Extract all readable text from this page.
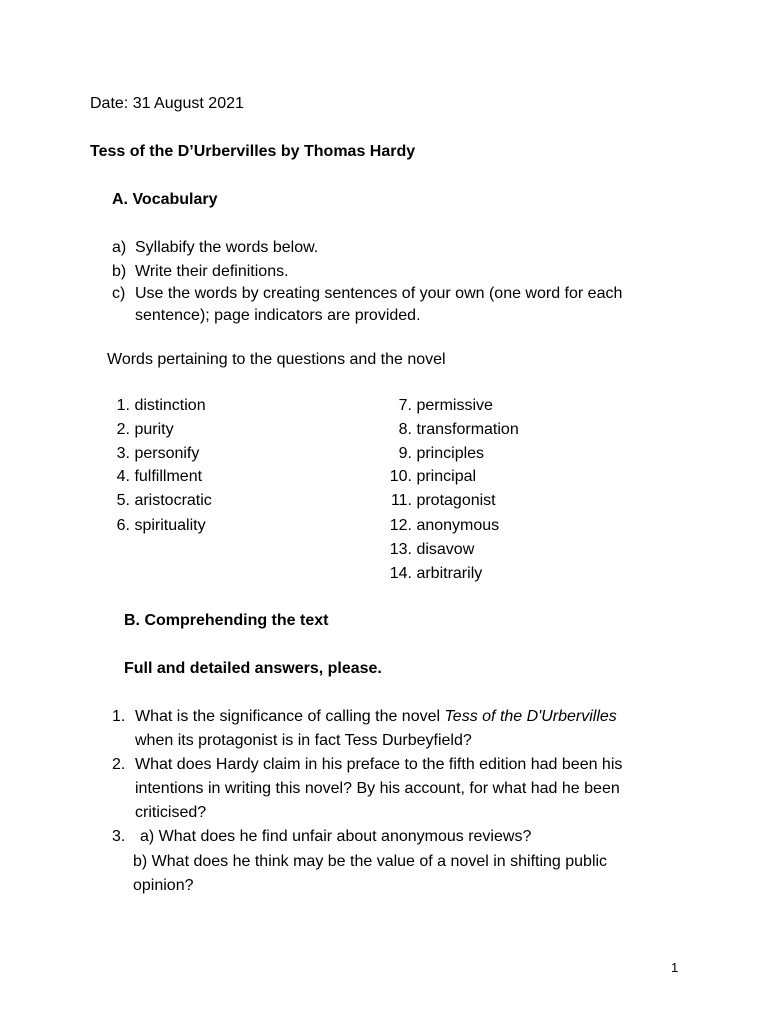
Date: 31 August 2021
Tess of the D’Urbervilles by Thomas Hardy
A. Vocabulary
a) Syllabify the words below.
b) Write their definitions.
c) Use the words by creating sentences of your own (one word for each
sentence); page indicators are provided.
Words pertaining to the questions and the novel
1. distinction
2. purity
3. personify
4. fulfillment
5. aristocratic
6. spirituality
7. permissive
8. transformation
9. principles
10. principal
11. protagonist
12. anonymous
13. disavow
14. arbitrarily
B. Comprehending the text
Full and detailed answers, please.
1. What is the significance of calling the novel Tess of the D'Urbervilles
when its protagonist is in fact Tess Durbeyfield?
2. What does Hardy claim in his preface to the fifth edition had been his
intentions in writing this novel? By his account, for what had he been
criticised?
3. a) What does he find unfair about anonymous reviews?
b) What does he think may be the value of a novel in shifting public
opinion?
1
